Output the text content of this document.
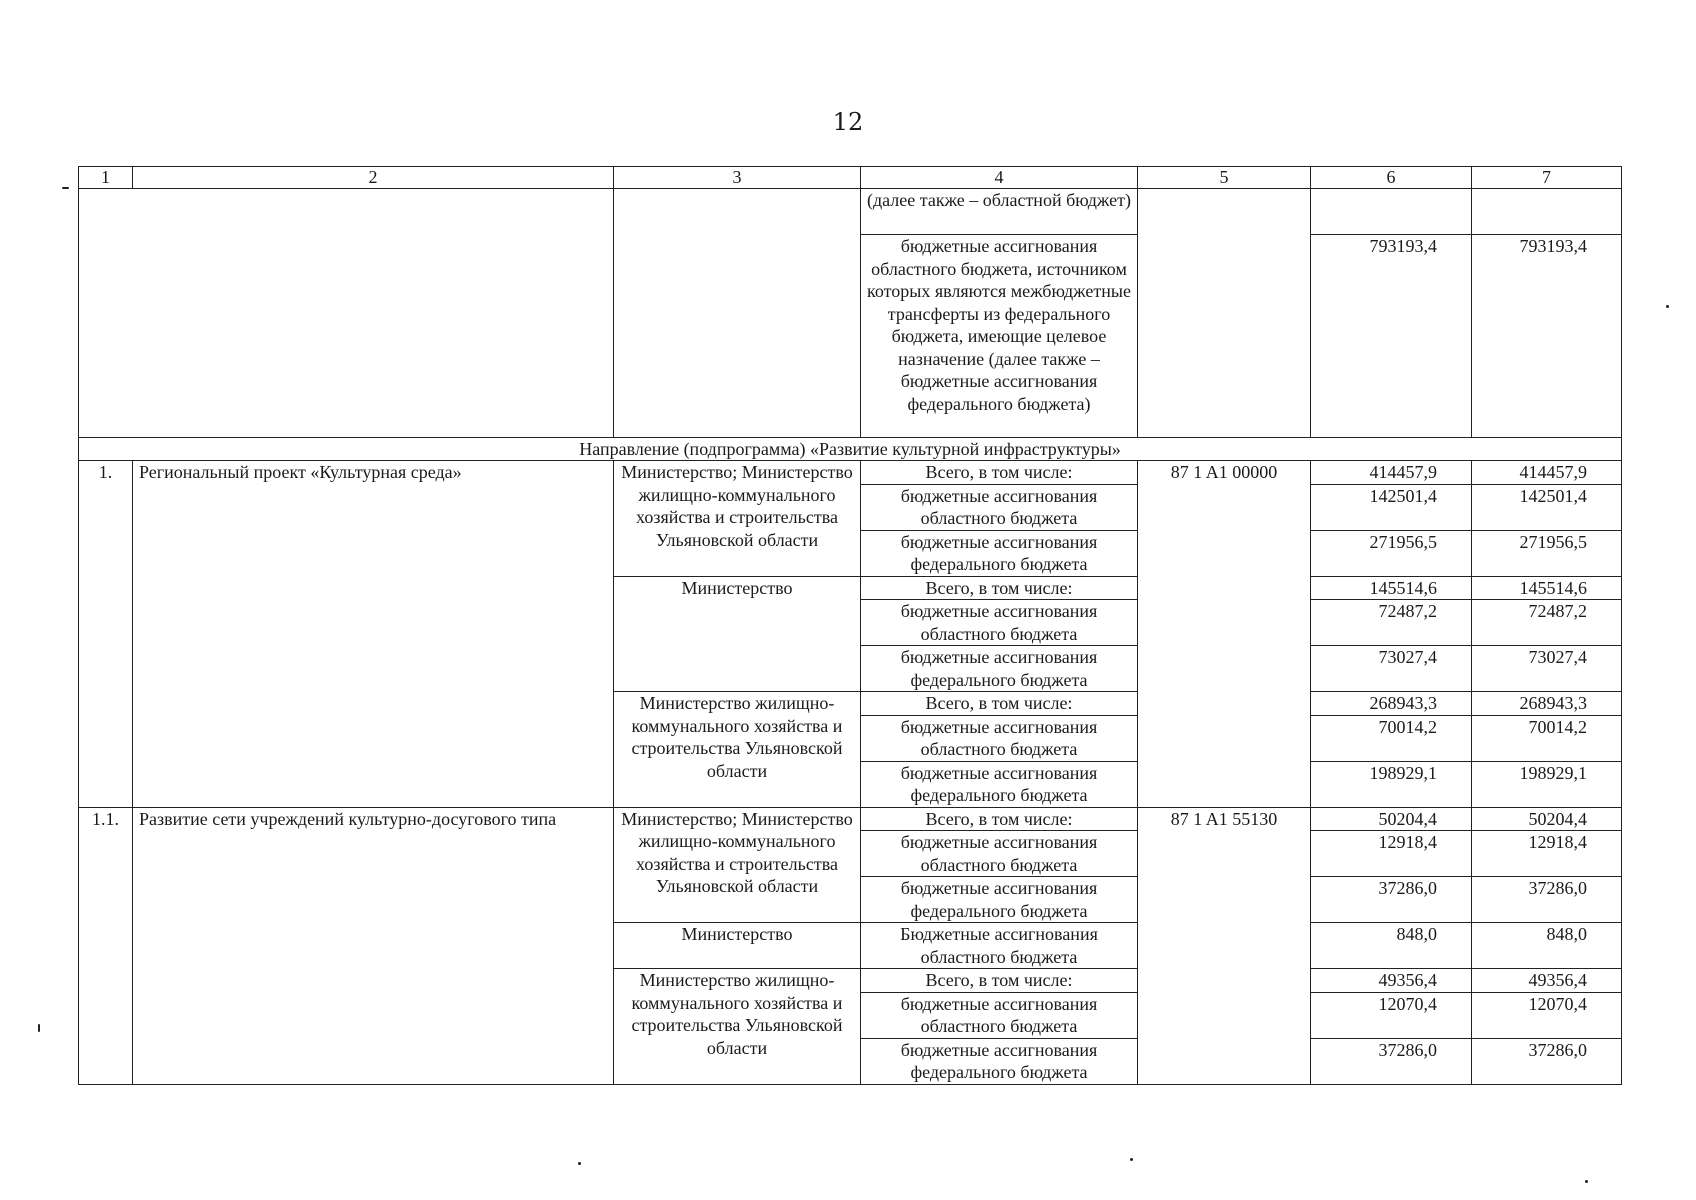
12
1	2	3	4	5	6	7
			(далее также – областной бюджет)			
			бюджетные ассигнования областного бюджета, источником которых являются межбюджетные трансферты из федерального бюджета, имеющие целевое назначение (далее также – бюджетные ассигнования федерального бюджета)		793193,4	793193,4
Направление (подпрограмма) «Развитие культурной инфраструктуры»						
1.	Региональный проект «Культурная среда»	Министерство; Министерство жилищно-коммунального хозяйства и строительства Ульяновской области	Всего, в том числе:	87 1 A1 00000	414457,9	414457,9
			бюджетные ассигнования областного бюджета		142501,4	142501,4
			бюджетные ассигнования федерального бюджета		271956,5	271956,5
		Министерство	Всего, в том числе:		145514,6	145514,6
			бюджетные ассигнования областного бюджета		72487,2	72487,2
			бюджетные ассигнования федерального бюджета		73027,4	73027,4
		Министерство жилищно-коммунального хозяйства и строительства Ульяновской области	Всего, в том числе:		268943,3	268943,3
			бюджетные ассигнования областного бюджета		70014,2	70014,2
			бюджетные ассигнования федерального бюджета		198929,1	198929,1
1.1.	Развитие сети учреждений культурно-досугового типа	Министерство; Министерство жилищно-коммунального хозяйства и строительства Ульяновской области	Всего, в том числе:	87 1 A1 55130	50204,4	50204,4
			бюджетные ассигнования областного бюджета		12918,4	12918,4
			бюджетные ассигнования федерального бюджета		37286,0	37286,0
		Министерство	Бюджетные ассигнования областного бюджета		848,0	848,0
		Министерство жилищно-коммунального хозяйства и строительства Ульяновской области	Всего, в том числе:		49356,4	49356,4
			бюджетные ассигнования областного бюджета		12070,4	12070,4
			бюджетные ассигнования федерального бюджета		37286,0	37286,0
